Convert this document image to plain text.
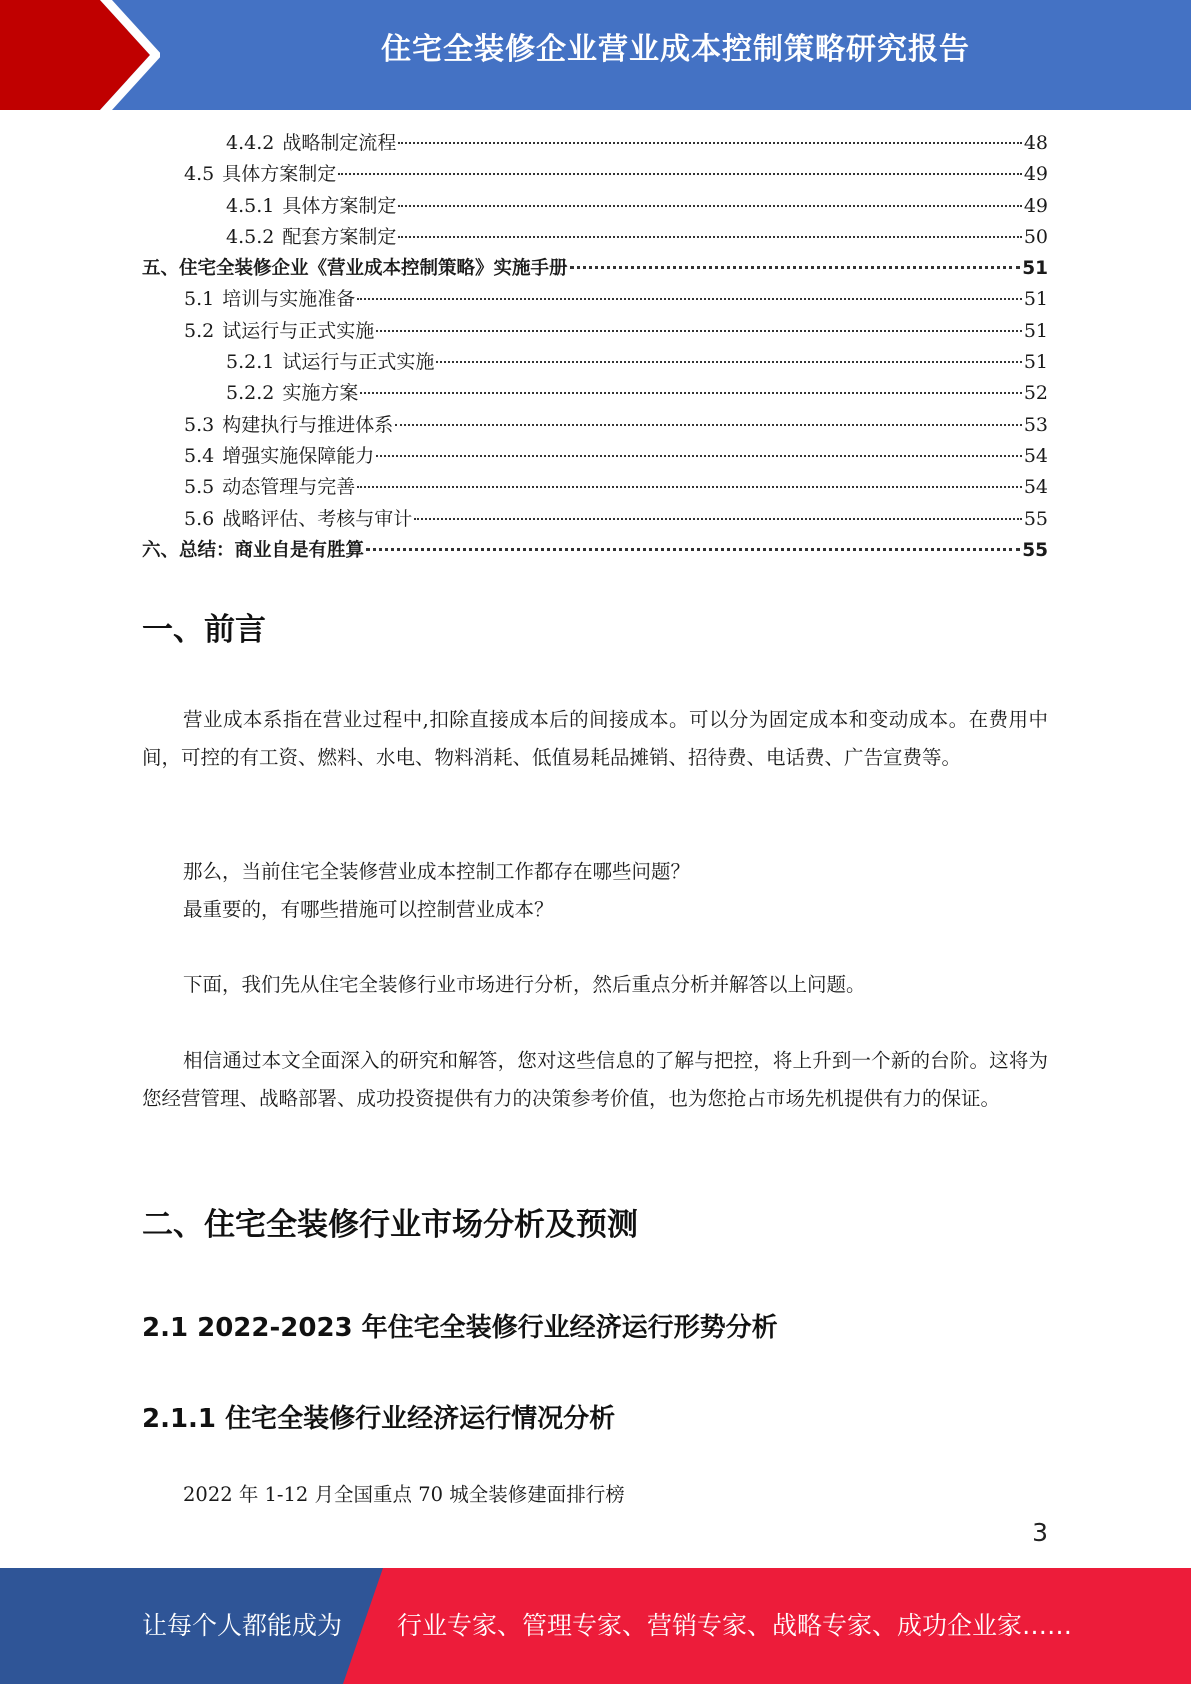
住宅全装修企业营业成本控制策略研究报告
4.4.2 战略制定流程	48
4.5 具体方案制定	49
4.5.1 具体方案制定	49
4.5.2 配套方案制定	50
五、住宅全装修企业《营业成本控制策略》实施手册	51
5.1 培训与实施准备	51
5.2 试运行与正式实施	51
5.2.1 试运行与正式实施	51
5.2.2 实施方案	52
5.3 构建执行与推进体系	53
5.4 增强实施保障能力	54
5.5 动态管理与完善	54
5.6 战略评估、考核与审计	55
六、总结：商业自是有胜算	55
一、前言

营业成本系指在营业过程中,扣除直接成本后的间接成本。可以分为固定成本和变动成本。在费用中间，可控的有工资、燃料、水电、物料消耗、低值易耗品摊销、招待费、电话费、广告宣费等。

那么，当前住宅全装修营业成本控制工作都存在哪些问题？

最重要的，有哪些措施可以控制营业成本？

下面，我们先从住宅全装修行业市场进行分析，然后重点分析并解答以上问题。

相信通过本文全面深入的研究和解答，您对这些信息的了解与把控，将上升到一个新的台阶。这将为您经营管理、战略部署、成功投资提供有力的决策参考价值，也为您抢占市场先机提供有力的保证。

二、住宅全装修行业市场分析及预测
2.1 2022-2023 年住宅全装修行业经济运行形势分析
2.1.1 住宅全装修行业经济运行情况分析

2022 年 1-12 月全国重点 70 城全装修建面排行榜

3
让每个人都能成为 行业专家、管理专家、营销专家、战略专家、成功企业家……
